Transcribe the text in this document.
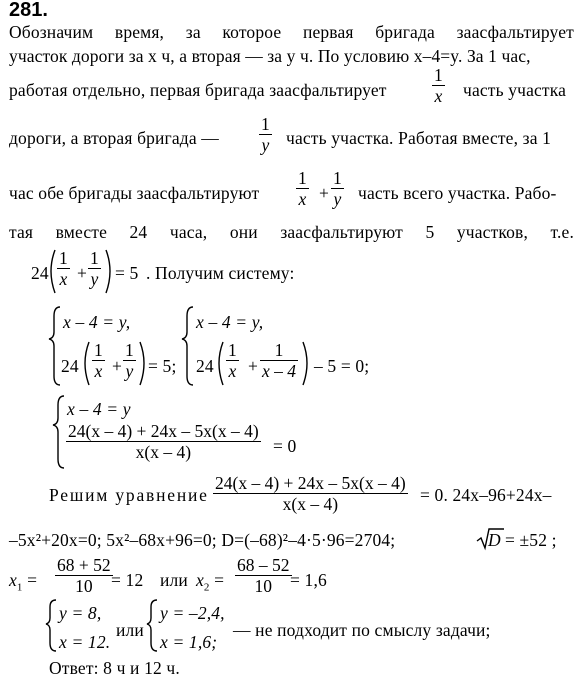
281.
Обозначим время, за которое первая бригада заасфальтирует
участок дороги за x ч, а вторая — за y ч. По условию x–4=y. За 1 час,
работая отдельно, первая бригада заасфальтирует	$\frac{1}{x}$ часть участка
дороги, а вторая бригада — $\frac{1}{y}$ часть участка. Работая вместе, за 1
час обе бригады заасфальтируют $\frac{1}{x} + \frac{1}{y}$ часть всего участка. Рабо-
тая вместе 24 часа, они заасфальтируют 5 участков, т.е.
$24 \frac{1}{x} + \frac{1}{y} = 5$ . Получим систему:
x – 4 = y,
$24 \frac{1}{x} + \frac{1}{y} = 5$;
x – 4 = y,
$24 \frac{1}{x} + \frac{1}{x - 4} - 5 = 0$;
x – 4 = y
$\frac{24(x - 4) + 24x - 5x(x - 4)}{x(x - 4)} = 0$
Решим уравнение $\frac{24(x - 4) + 24x - 5x(x - 4)}{x(x - 4)} = 0$. 24x–96+24x–
–5x²+20x=0; 5x²–68x+96=0; D=(–68)²–4·5·96=2704;	D = ±52 ;
$x_1 = \frac{68 + 52}{10}$
= 12 или $x_2 = \frac{68 - 52}{10}$
= 1,6
y = 8,
x = 12.
или
y = –2,4,
x = 1,6;
— не подходит по смыслу задачи;
Ответ: 8 ч и 12 ч.
